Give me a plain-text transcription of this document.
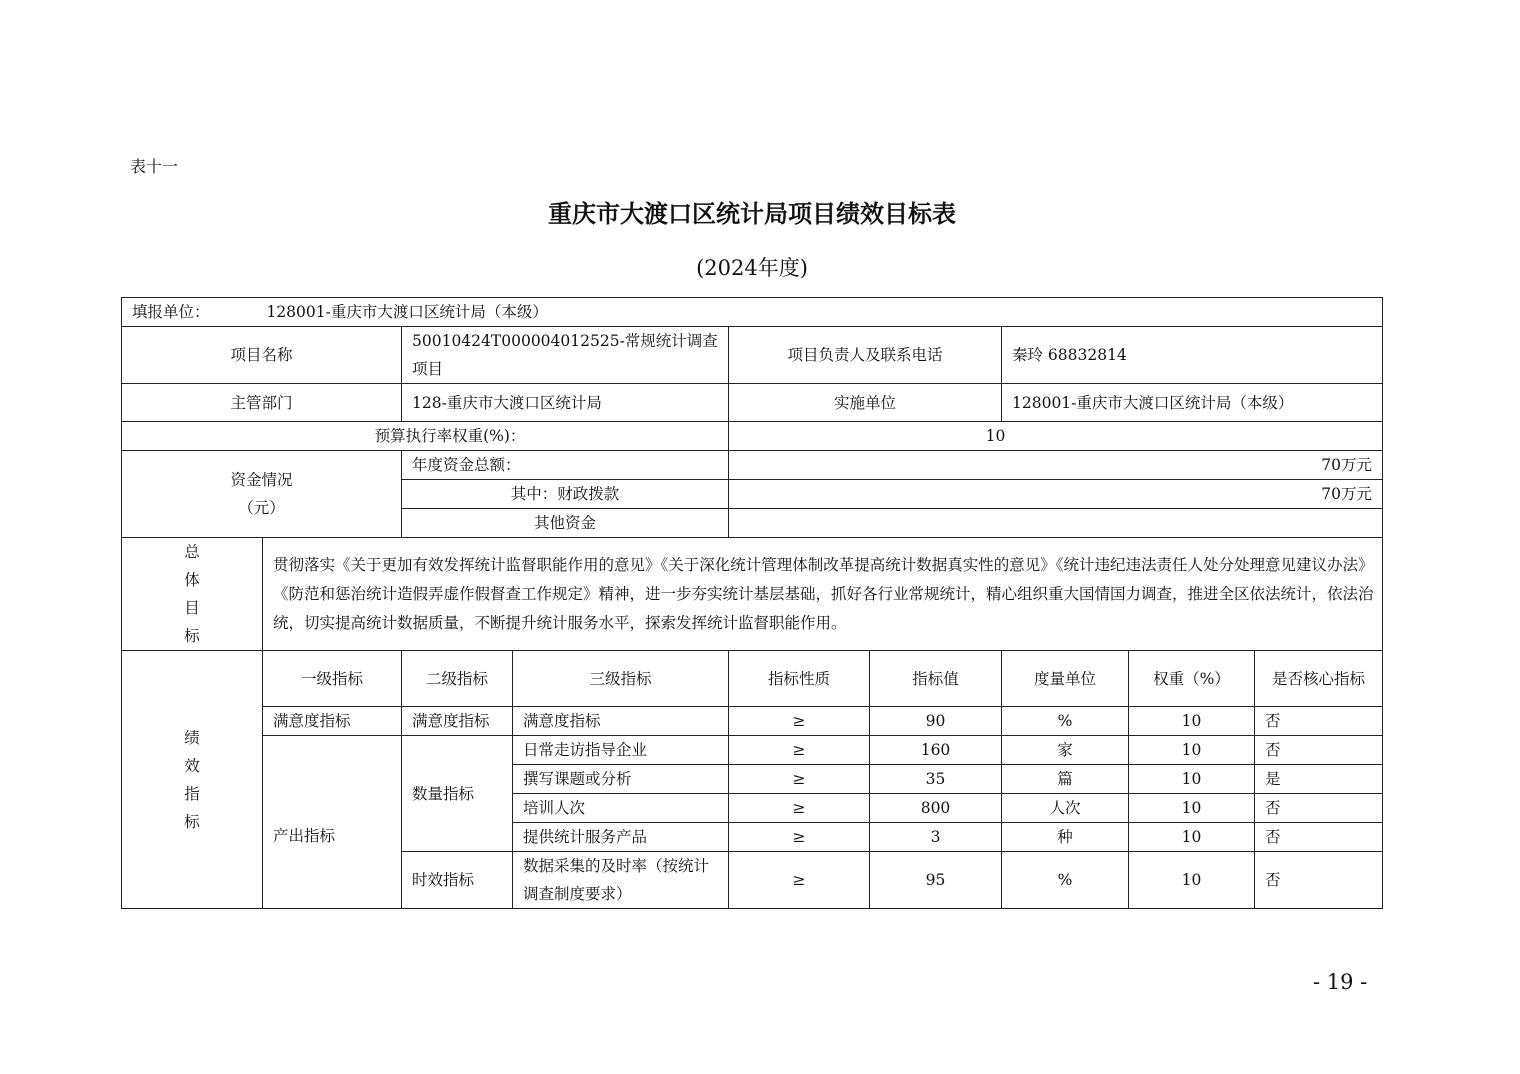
表十一
重庆市大渡口区统计局项目绩效目标表
(2024年度)
填报单位： 128001-重庆市大渡口区统计局（本级）								
项目名称		50010424T000004012525-常规统计调查项目		项目负责人及联系电话		秦玲 68832814		
主管部门		128-重庆市大渡口区统计局		实施单位		128001-重庆市大渡口区统计局（本级）		
预算执行率权重(%)：				10				

资金情况
（元）		年度资金总额：		70万元				
		其中：财政拨款		70万元				
		其他资金						

总
体
目
标	贯彻落实《关于更加有效发挥统计监督职能作用的意见》《关于深化统计管理体制改革提高统计数据真实性的意见》《统计违纪违法责任人处分处理意见建议办法》《防范和惩治统计造假弄虚作假督查工作规定》精神，进一步夯实统计基层基础，抓好各行业常规统计，精心组织重大国情国力调查，推进全区依法统计，依法治统，切实提高统计数据质量，不断提升统计服务水平，探索发挥统计监督职能作用。							

绩
效
指
标	一级指标	二级指标	三级指标	指标性质	指标值	度量单位	权重（%）	是否核心指标
	满意度指标	满意度指标	满意度指标	≥	90	%	10	否
	产出指标	数量指标	日常走访指导企业	≥	160	家	10	否
			撰写课题或分析	≥	35	篇	10	是
			培训人次	≥	800	人次	10	否
			提供统计服务产品	≥	3	种	10	否
		时效指标	数据采集的及时率（按统计调查制度要求）	≥	95	%	10	否
- 19 -
